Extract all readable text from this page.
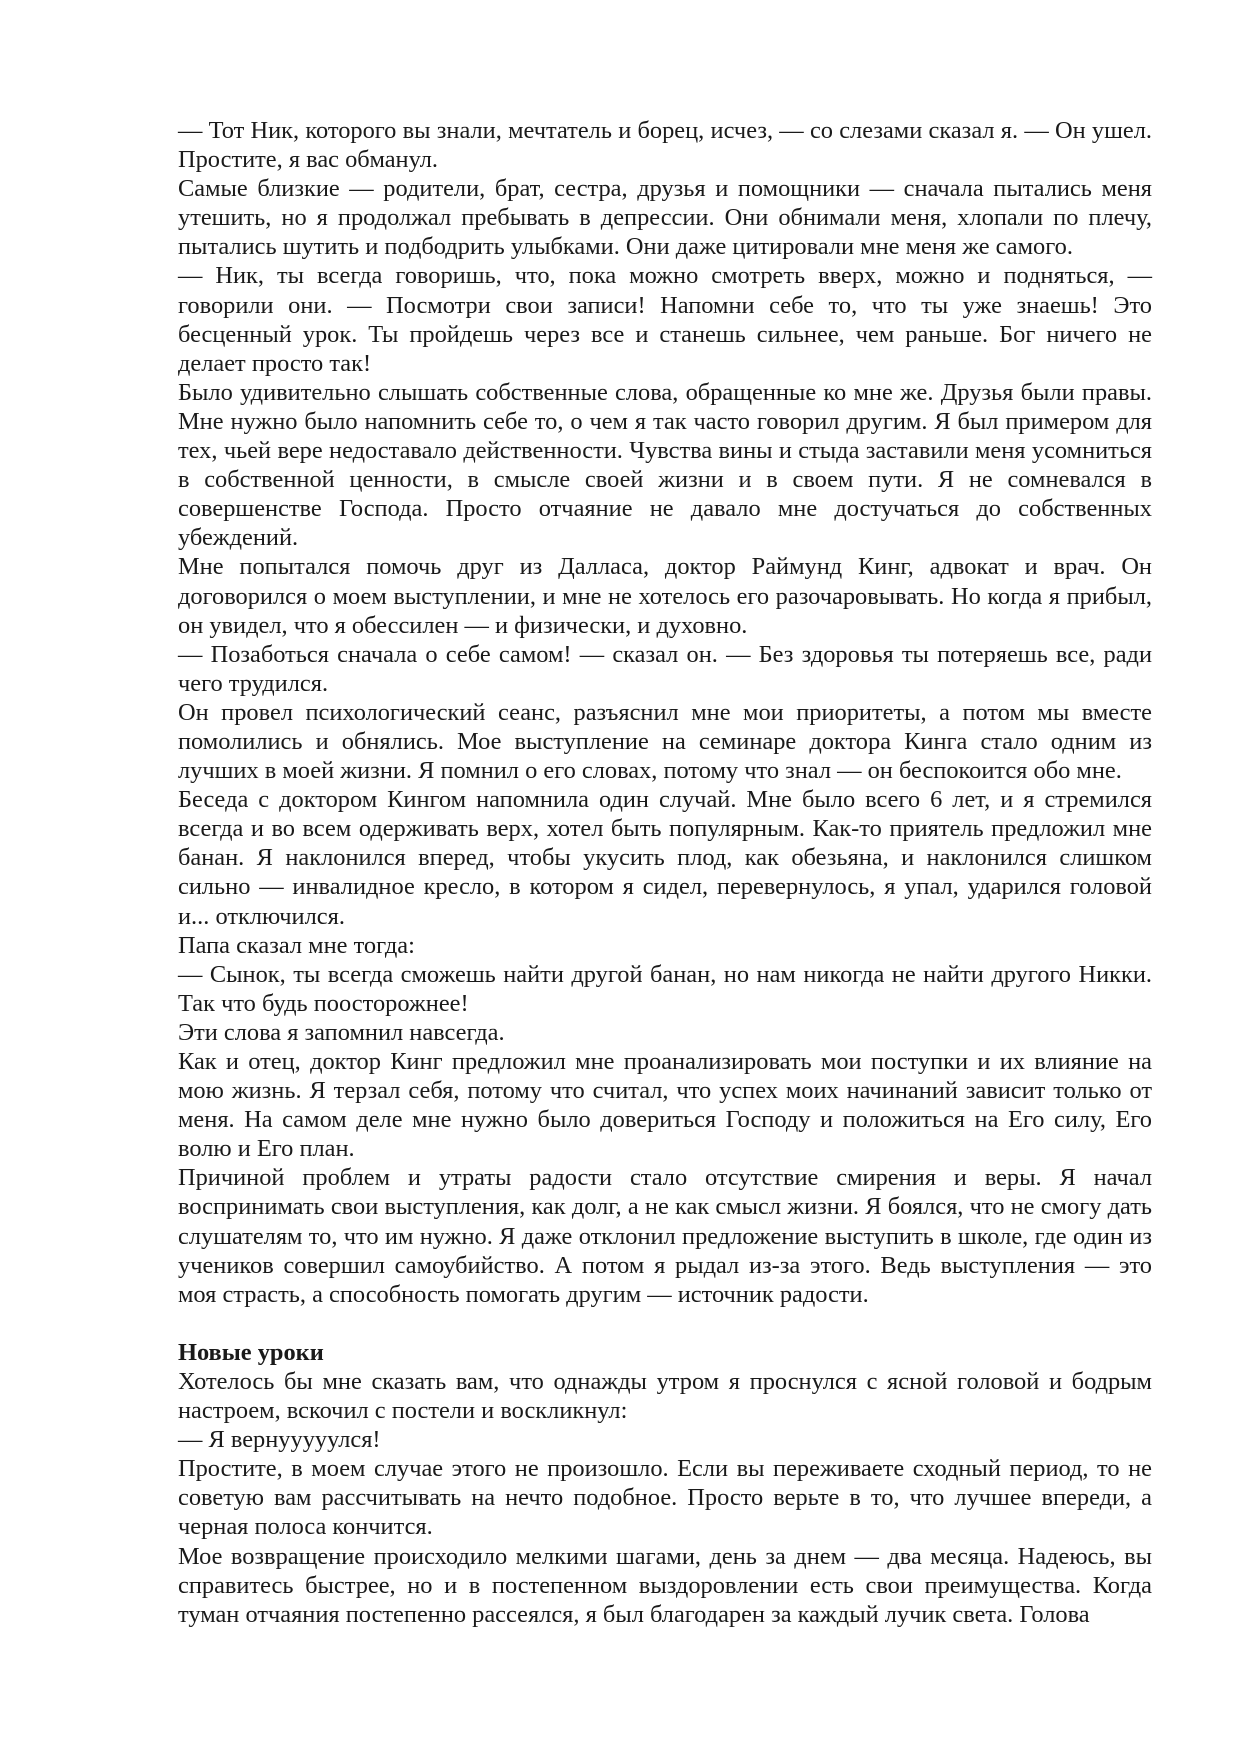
— Тот Ник, которого вы знали, мечтатель и борец, исчез, — со слезами сказал я. — Он ушел. Простите, я вас обманул.

Самые близкие — родители, брат, сестра, друзья и помощники — сначала пытались меня утешить, но я продолжал пребывать в депрессии. Они обнимали меня, хлопали по плечу, пытались шутить и подбодрить улыбками. Они даже цитировали мне меня же самого.

— Ник, ты всегда говоришь, что, пока можно смотреть вверх, можно и подняться, — говорили они. — Посмотри свои записи! Напомни себе то, что ты уже знаешь! Это бесценный урок. Ты пройдешь через все и станешь сильнее, чем раньше. Бог ничего не делает просто так!

Было удивительно слышать собственные слова, обращенные ко мне же. Друзья были правы. Мне нужно было напомнить себе то, о чем я так часто говорил другим. Я был примером для тех, чьей вере недоставало действенности. Чувства вины и стыда заставили меня усомниться в собственной ценности, в смысле своей жизни и в своем пути. Я не сомневался в совершенстве Господа. Просто отчаяние не давало мне достучаться до собственных убеждений.

Мне попытался помочь друг из Далласа, доктор Раймунд Кинг, адвокат и врач. Он договорился о моем выступлении, и мне не хотелось его разочаровывать. Но когда я прибыл, он увидел, что я обессилен — и физически, и духовно.

— Позаботься сначала о себе самом! — сказал он. — Без здоровья ты потеряешь все, ради чего трудился.

Он провел психологический сеанс, разъяснил мне мои приоритеты, а потом мы вместе помолились и обнялись. Мое выступление на семинаре доктора Кинга стало одним из лучших в моей жизни. Я помнил о его словах, потому что знал — он беспокоится обо мне.

Беседа с доктором Кингом напомнила один случай. Мне было всего 6 лет, и я стремился всегда и во всем одерживать верх, хотел быть популярным. Как-то приятель предложил мне банан. Я наклонился вперед, чтобы укусить плод, как обезьяна, и наклонился слишком сильно — инвалидное кресло, в котором я сидел, перевернулось, я упал, ударился головой и... отключился.

Папа сказал мне тогда:

— Сынок, ты всегда сможешь найти другой банан, но нам никогда не найти другого Никки. Так что будь поосторожнее!

Эти слова я запомнил навсегда.

Как и отец, доктор Кинг предложил мне проанализировать мои поступки и их влияние на мою жизнь. Я терзал себя, потому что считал, что успех моих начинаний зависит только от меня. На самом деле мне нужно было довериться Господу и положиться на Его силу, Его волю и Его план.

Причиной проблем и утраты радости стало отсутствие смирения и веры. Я начал воспринимать свои выступления, как долг, а не как смысл жизни. Я боялся, что не смогу дать слушателям то, что им нужно. Я даже отклонил предложение выступить в школе, где один из учеников совершил самоубийство. А потом я рыдал из-за этого. Ведь выступления — это моя страсть, а способность помогать другим — источник радости.

Новые уроки

Хотелось бы мне сказать вам, что однажды утром я проснулся с ясной головой и бодрым настроем, вскочил с постели и воскликнул:

— Я вернууууулся!

Простите, в моем случае этого не произошло. Если вы переживаете сходный период, то не советую вам рассчитывать на нечто подобное. Просто верьте в то, что лучшее впереди, а черная полоса кончится.

Мое возвращение происходило мелкими шагами, день за днем — два месяца. Надеюсь, вы справитесь быстрее, но и в постепенном выздоровлении есть свои преимущества. Когда туман отчаяния постепенно рассеялся, я был благодарен за каждый лучик света. Голова
